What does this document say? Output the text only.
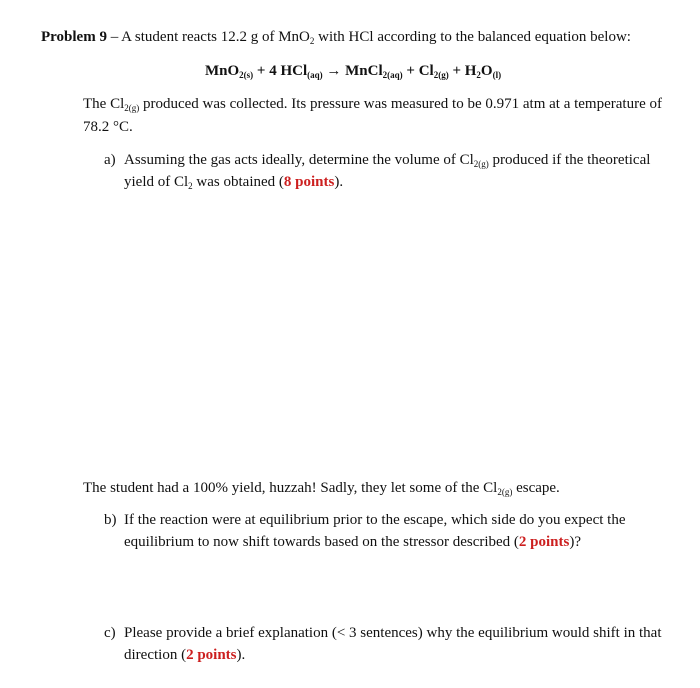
Problem 9 – A student reacts 12.2 g of MnO$_2$ with HCl according to the balanced equation below:
MnO$_{2(s)}$ + 4 HCl$_{(aq)}$ → MnCl$_{2(aq)}$ + $Cl_{2(g)} + H_2O_{(l)}$
The $Cl_{2(g)}$ produced was collected. Its pressure was measured to be 0.971 atm at a temperature of
78.2 °C.
a) Assuming the gas acts ideally, determine the volume of $Cl_{2(g)}$ produced if the theoretical
yield of $Cl_2$ was obtained (8 points).
The student had a 100% yield, huzzah! Sadly, they let some of the $Cl_{2(g)}$ escape.
b) If the reaction were at equilibrium prior to the escape, which side do you expect the
equilibrium to now shift towards based on the stressor described (2 points)?
c) Please provide a brief explanation (< 3 sentences) why the equilibrium would shift in that
direction (2 points).
